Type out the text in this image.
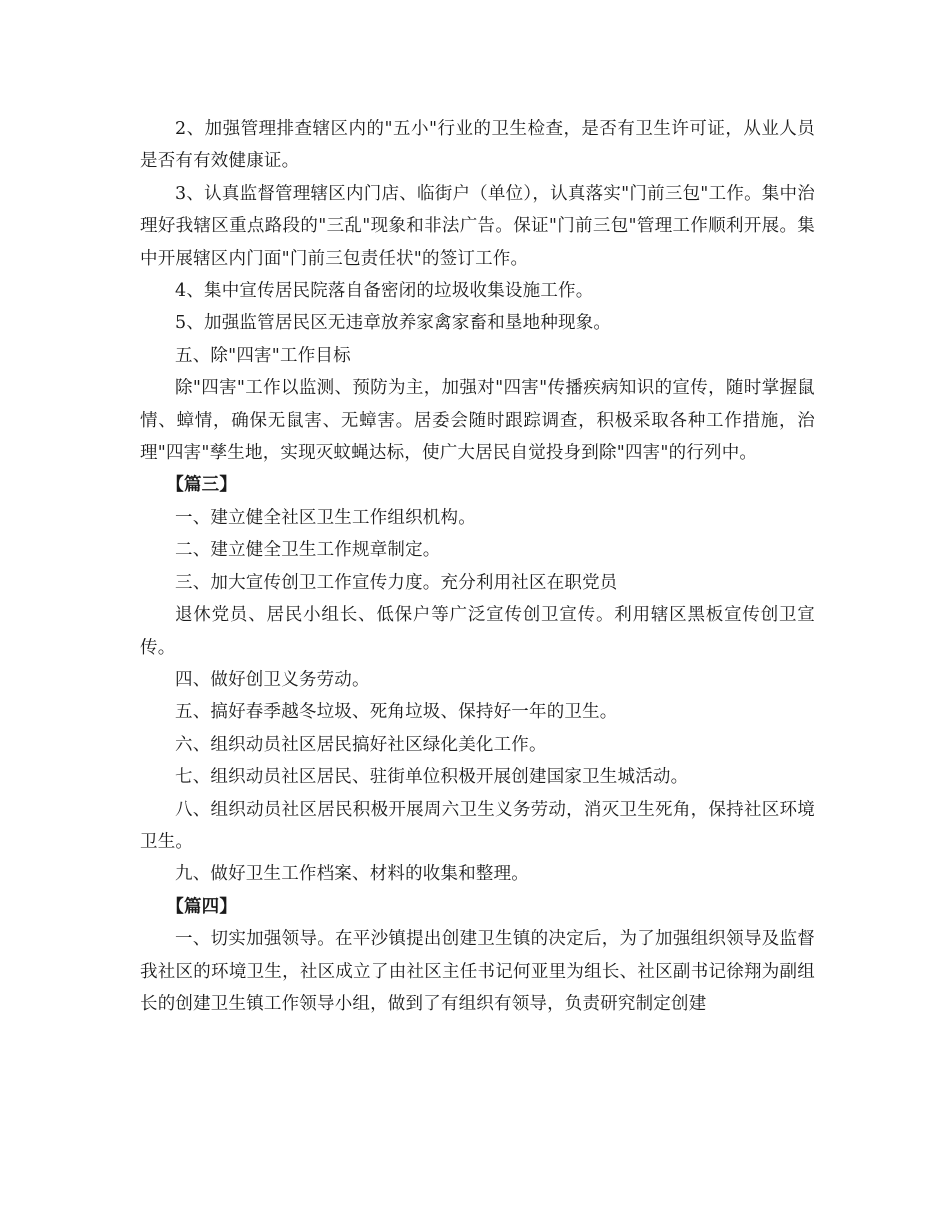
2、加强管理排查辖区内的"五小"行业的卫生检查，是否有卫生许可证，从业人员是否有有效健康证。

3、认真监督管理辖区内门店、临街户（单位），认真落实"门前三包"工作。集中治理好我辖区重点路段的"三乱"现象和非法广告。保证"门前三包"管理工作顺利开展。集中开展辖区内门面"门前三包责任状"的签订工作。

4、集中宣传居民院落自备密闭的垃圾收集设施工作。

5、加强监管居民区无违章放养家禽家畜和垦地种现象。

五、除"四害"工作目标

除"四害"工作以监测、预防为主，加强对"四害"传播疾病知识的宣传，随时掌握鼠情、蟑情，确保无鼠害、无蟑害。居委会随时跟踪调查，积极采取各种工作措施，治理"四害"孳生地，实现灭蚊蝇达标，使广大居民自觉投身到除"四害"的行列中。

【篇三】

一、建立健全社区卫生工作组织机构。

二、建立健全卫生工作规章制定。

三、加大宣传创卫工作宣传力度。充分利用社区在职党员

退休党员、居民小组长、低保户等广泛宣传创卫宣传。利用辖区黑板宣传创卫宣传。

四、做好创卫义务劳动。

五、搞好春季越冬垃圾、死角垃圾、保持好一年的卫生。

六、组织动员社区居民搞好社区绿化美化工作。

七、组织动员社区居民、驻街单位积极开展创建国家卫生城活动。

八、组织动员社区居民积极开展周六卫生义务劳动，消灭卫生死角，保持社区环境卫生。

九、做好卫生工作档案、材料的收集和整理。

【篇四】

一、切实加强领导。在平沙镇提出创建卫生镇的决定后，为了加强组织领导及监督我社区的环境卫生，社区成立了由社区主任书记何亚里为组长、社区副书记徐翔为副组长的创建卫生镇工作领导小组，做到了有组织有领导，负责研究制定创建
